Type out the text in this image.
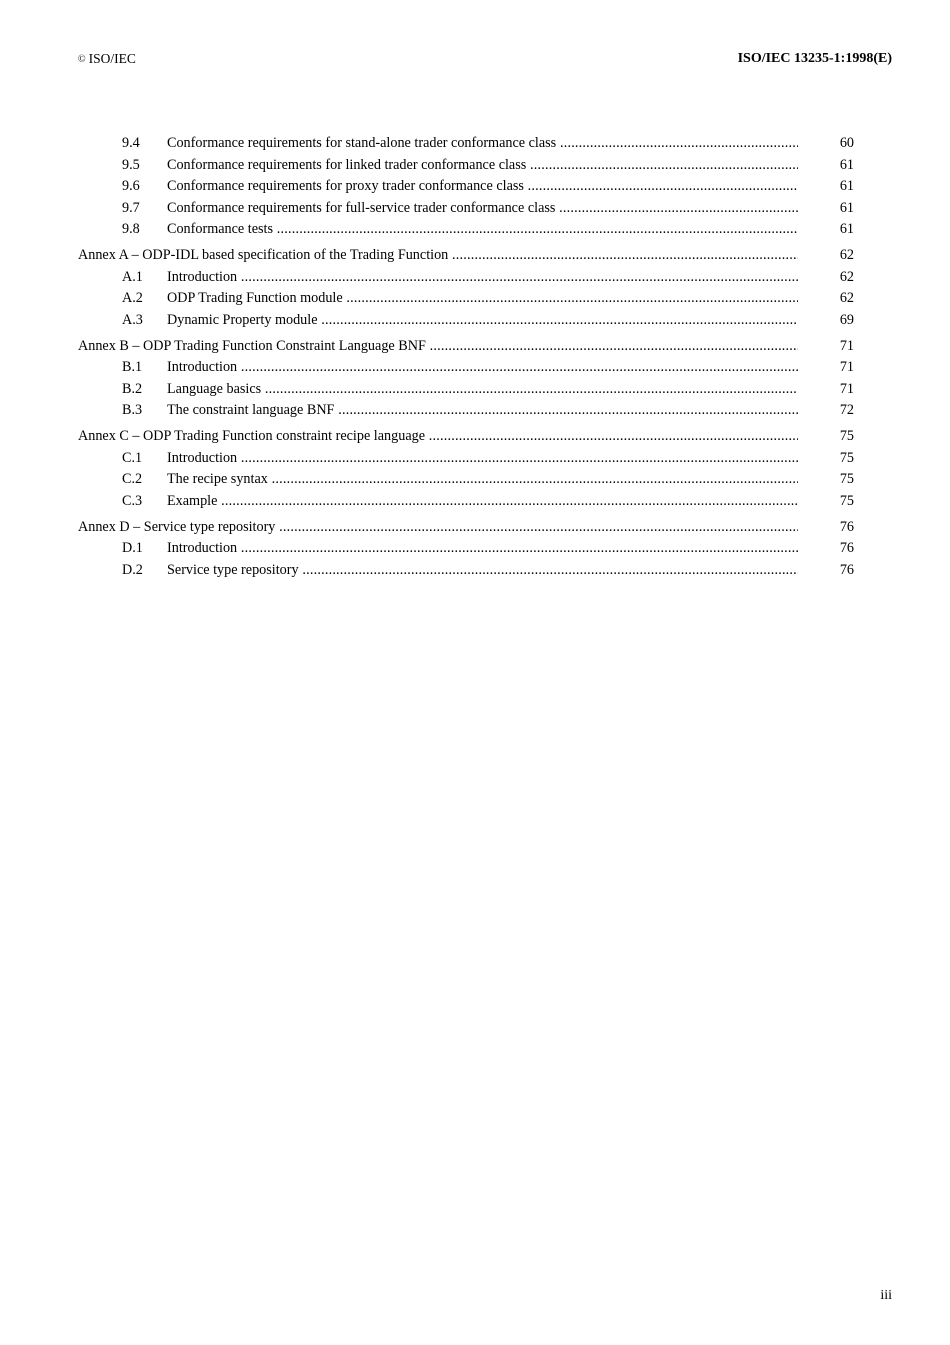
© ISO/IEC	ISO/IEC 13235-1:1998(E)
9.4 Conformance requirements for stand-alone trader conformance class .....	60
9.5 Conformance requirements for linked trader conformance class .....	61
9.6 Conformance requirements for proxy trader conformance class .....	61
9.7 Conformance requirements for full-service trader conformance class .....	61
9.8 Conformance tests .....	61
Annex A – ODP-IDL based specification of the Trading Function .....	62
A.1 Introduction .....	62
A.2 ODP Trading Function module .....	62
A.3 Dynamic Property module .....	69
Annex B – ODP Trading Function Constraint Language BNF .....	71
B.1 Introduction .....	71
B.2 Language basics .....	71
B.3 The constraint language BNF .....	72
Annex C – ODP Trading Function constraint recipe language .....	75
C.1 Introduction .....	75
C.2 The recipe syntax .....	75
C.3 Example .....	75
Annex D – Service type repository .....	76
D.1 Introduction .....	76
D.2 Service type repository .....	76
iii
